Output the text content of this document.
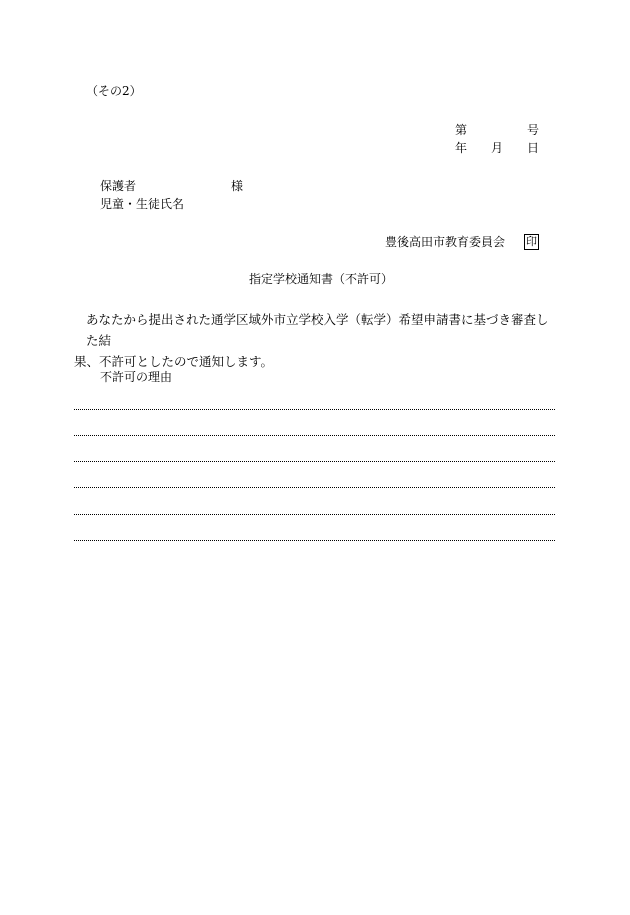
（その2）
第	号
年 月 日
保護者	様
児童・生徒氏名
豊後高田市教育委員会 印
指定学校通知書（不許可）
あなたから提出された通学区域外市立学校入学（転学）希望申請書に基づき審査した結
果、不許可としたので通知します。
不許可の理由
